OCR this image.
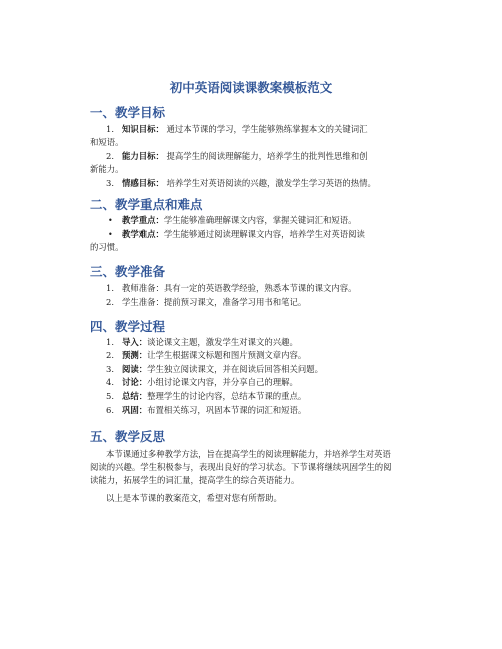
初中英语阅读课教案模板范文
一、教学目标
1. 知识目标： 通过本节课的学习，学生能够熟练掌握本文的关键词汇

和短语。

2. 能力目标： 提高学生的阅读理解能力，培养学生的批判性思维和创

新能力。

3. 情感目标： 培养学生对英语阅读的兴趣，激发学生学习英语的热情。

二、教学重点和难点
• 教学重点：学生能够准确理解课文内容，掌握关键词汇和短语。

• 教学难点：学生能够通过阅读理解课文内容，培养学生对英语阅读

的习惯。

三、教学准备
1. 教师准备：具有一定的英语教学经验，熟悉本节课的课文内容。

2. 学生准备：提前预习课文，准备学习用书和笔记。

四、教学过程
1. 导入：谈论课文主题，激发学生对课文的兴趣。

2. 预测：让学生根据课文标题和图片预测文章内容。

3. 阅读：学生独立阅读课文，并在阅读后回答相关问题。

4. 讨论：小组讨论课文内容，并分享自己的理解。

5. 总结：整理学生的讨论内容，总结本节课的重点。

6. 巩固：布置相关练习，巩固本节课的词汇和短语。

五、教学反思

本节课通过多种教学方法，旨在提高学生的阅读理解能力，并培养学生对英语

阅读的兴趣。学生积极参与，表现出良好的学习状态。下节课将继续巩固学生的阅

读能力，拓展学生的词汇量，提高学生的综合英语能力。

以上是本节课的教案范文，希望对您有所帮助。
